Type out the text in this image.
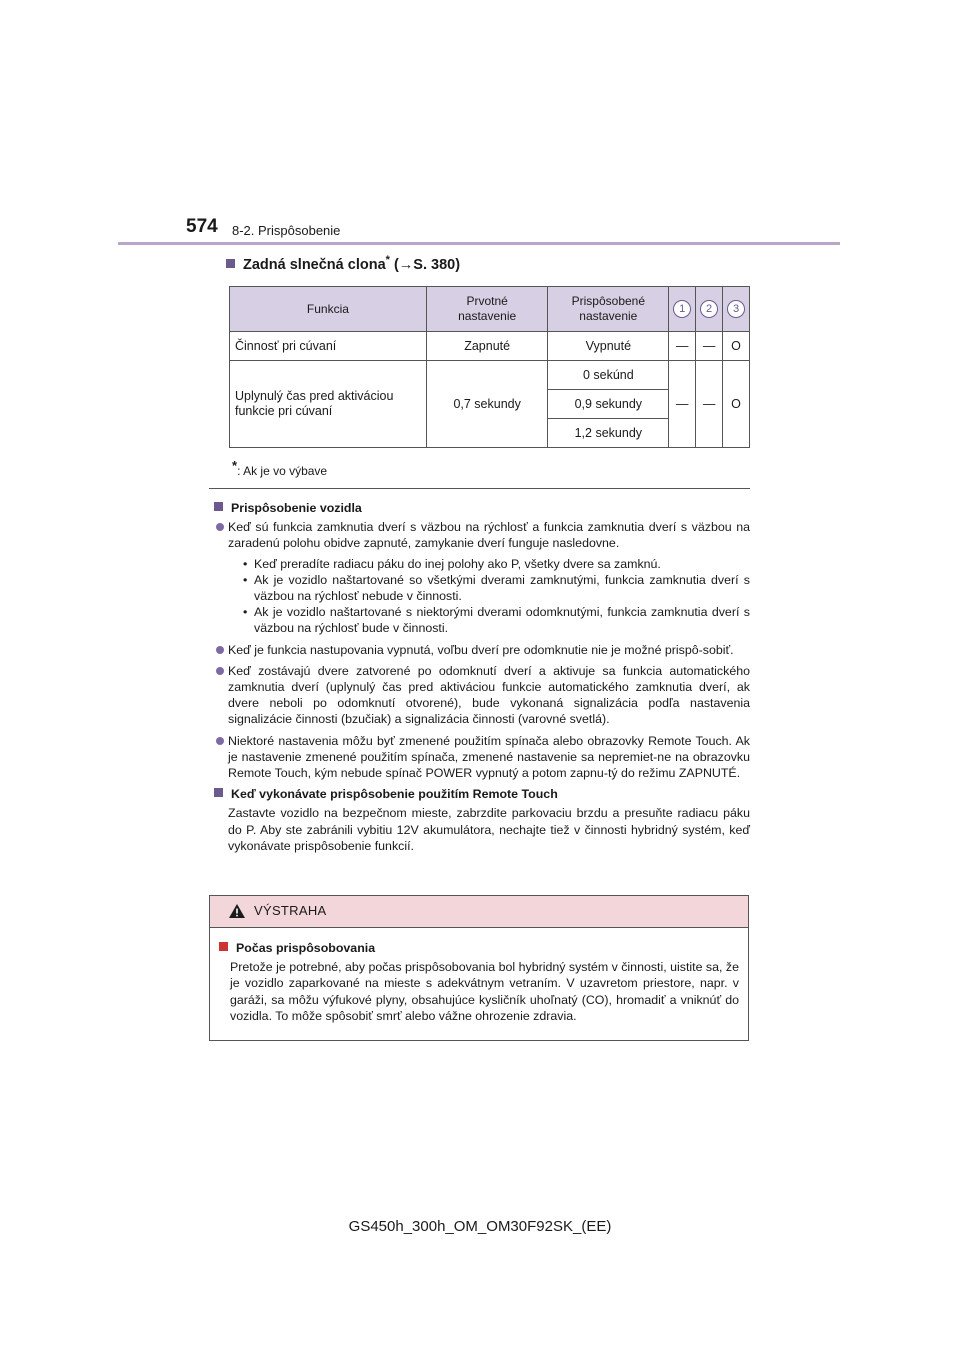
574 8-2. Prispôsobenie
Zadná slnečná clona* (→S. 380)
Funkcia	Prvotné nastavenie	Prispôsobené nastavenie	1	2	3
Činnosť pri cúvaní	Zapnuté	Vypnuté	—	—	O
Uplynulý čas pred aktiváciou funkcie pri cúvaní	0,7 sekundy	0 sekúnd	—	—	O
		0,9 sekundy			
		1,2 sekundy			
*: Ak je vo výbave
Prispôsobenie vozidla
Keď sú funkcia zamknutia dverí s väzbou na rýchlosť a funkcia zamknutia dverí s väzbou na zaradenú polohu obidve zapnuté, zamykanie dverí funguje nasledovne.
• Keď preradíte radiacu páku do inej polohy ako P, všetky dvere sa zamknú.
• Ak je vozidlo naštartované so všetkými dverami zamknutými, funkcia zamknutia dverí s väzbou na rýchlosť nebude v činnosti.
• Ak je vozidlo naštartované s niektorými dverami odomknutými, funkcia zamknutia dverí s väzbou na rýchlosť bude v činnosti.
Keď je funkcia nastupovania vypnutá, voľbu dverí pre odomknutie nie je možné prispô-sobiť.
Keď zostávajú dvere zatvorené po odomknutí dverí a aktivuje sa funkcia automatického zamknutia dverí (uplynulý čas pred aktiváciou funkcie automatického zamknutia dverí, ak dvere neboli po odomknutí otvorené), bude vykonaná signalizácia podľa nastavenia signalizácie činnosti (bzučiak) a signalizácia činnosti (varovné svetlá).
Niektoré nastavenia môžu byť zmenené použitím spínača alebo obrazovky Remote Touch. Ak je nastavenie zmenené použitím spínača, zmenené nastavenie sa nepremiet-ne na obrazovku Remote Touch, kým nebude spínač POWER vypnutý a potom zapnu-tý do režimu ZAPNUTÉ.
Keď vykonávate prispôsobenie použitím Remote Touch
Zastavte vozidlo na bezpečnom mieste, zabrzdite parkovaciu brzdu a presuňte radiacu páku do P. Aby ste zabránili vybitiu 12V akumulátora, nechajte tiež v činnosti hybridný systém, keď vykonávate prispôsobenie funkcií.
VÝSTRAHA
Počas prispôsobovania
Pretože je potrebné, aby počas prispôsobovania bol hybridný systém v činnosti, uistite sa, že je vozidlo zaparkované na mieste s adekvátnym vetraním. V uzavretom priestore, napr. v garáži, sa môžu výfukové plyny, obsahujúce kysličník uhoľnatý (CO), hromadiť a vniknúť do vozidla. To môže spôsobiť smrť alebo vážne ohrozenie zdravia.
GS450h_300h_OM_OM30F92SK_(EE)
